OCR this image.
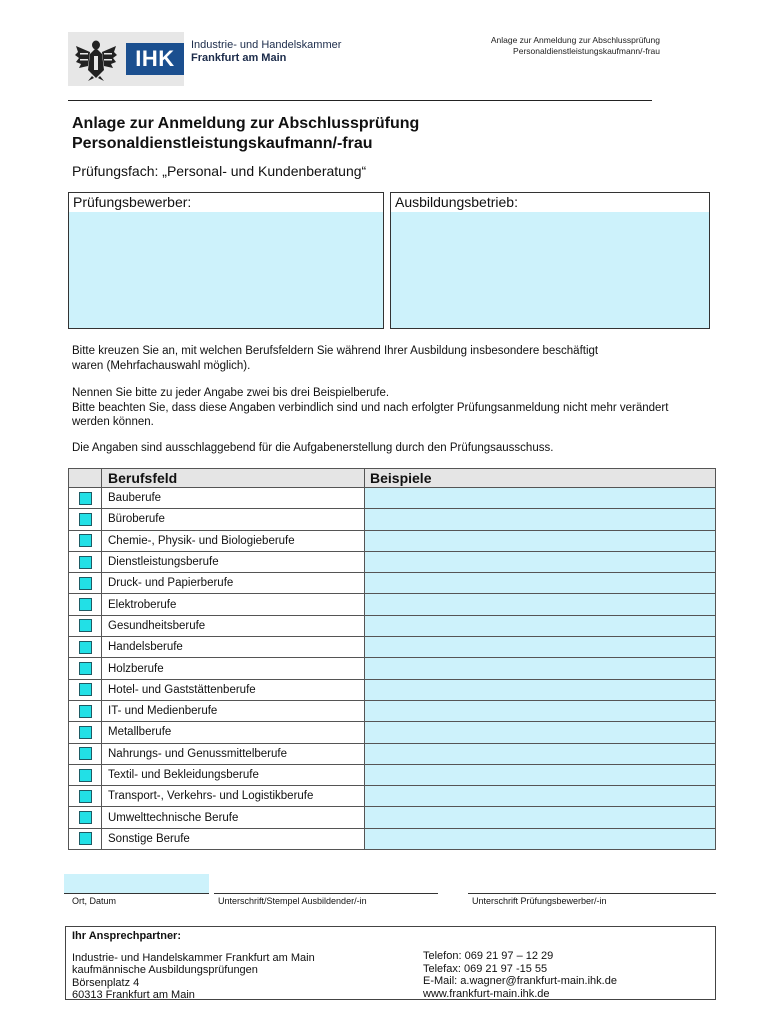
IHK
Industrie- und Handelskammer
Frankfurt am Main
Anlage zur Anmeldung zur Abschlussprüfung
Personaldienstleistungskaufmann/-frau
Anlage zur Anmeldung zur Abschlussprüfung
Personaldienstleistungskaufmann/-frau
Prüfungsfach: „Personal- und Kundenberatung“
Prüfungsbewerber:	Ausbildungsbetrieb:
Bitte kreuzen Sie an, mit welchen Berufsfeldern Sie während Ihrer Ausbildung insbesondere beschäftigt waren (Mehrfachauswahl möglich).
Nennen Sie bitte zu jeder Angabe zwei bis drei Beispielberufe.
Bitte beachten Sie, dass diese Angaben verbindlich sind und nach erfolgter Prüfungsanmeldung nicht mehr verändert werden können.
Die Angaben sind ausschlaggebend für die Aufgabenerstellung durch den Prüfungsausschuss.
	Berufsfeld	Beispiele
	Bauberufe	
	Büroberufe	
	Chemie-, Physik- und Biologieberufe	
	Dienstleistungsberufe	
	Druck- und Papierberufe	
	Elektroberufe	
	Gesundheitsberufe	
	Handelsberufe	
	Holzberufe	
	Hotel- und Gaststättenberufe	
	IT- und Medienberufe	
	Metallberufe	
	Nahrungs- und Genussmittelberufe	
	Textil- und Bekleidungsberufe	
	Transport-, Verkehrs- und Logistikberufe	
	Umwelttechnische Berufe	
	Sonstige Berufe	
Ort, Datum	Unterschrift/Stempel Ausbildender/-in	Unterschrift Prüfungsbewerber/-in
Ihr Ansprechpartner:
Industrie- und Handelskammer Frankfurt am Main
kaufmännische Ausbildungsprüfungen
Börsenplatz 4
60313 Frankfurt am Main
Telefon: 069 21 97 – 12 29
Telefax: 069 21 97 -15 55
E-Mail: a.wagner@frankfurt-main.ihk.de
www.frankfurt-main.ihk.de
